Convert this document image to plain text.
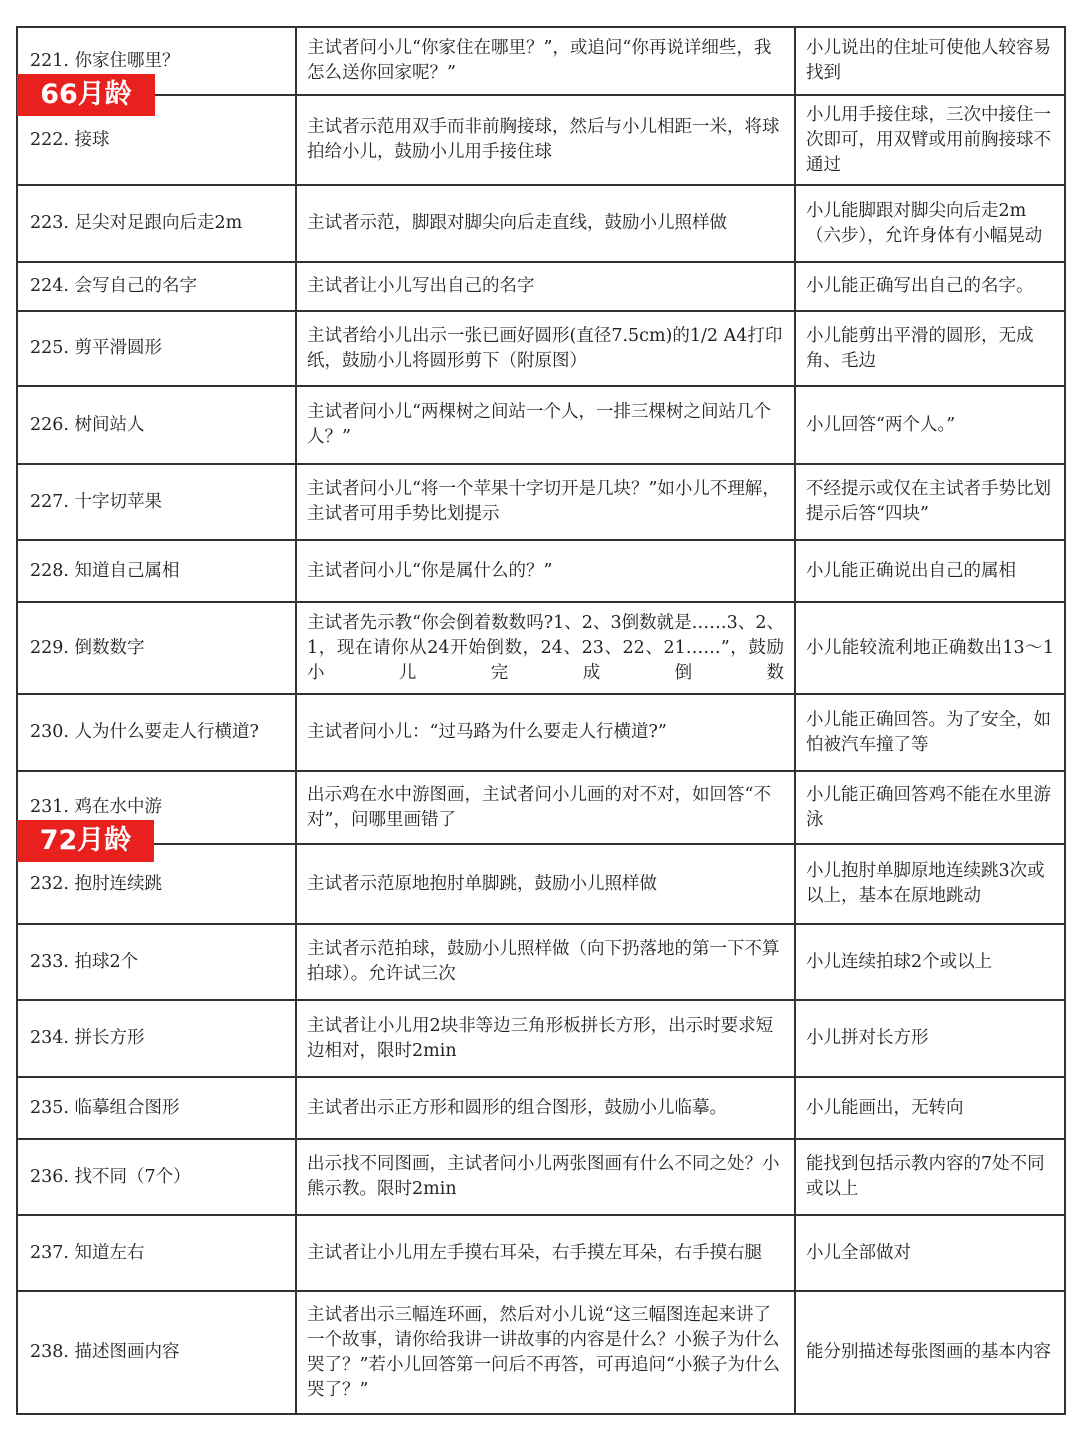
221. 你家住哪里？	主试者问小儿“你家住在哪里？”，或追问“你再说详细些，我怎么送你回家呢？”	小儿说出的住址可使他人较容易找到
222. 接球	主试者示范用双手而非前胸接球，然后与小儿相距一米，将球拍给小儿，鼓励小儿用手接住球	小儿用手接住球，三次中接住一次即可，用双臂或用前胸接球不通过
223. 足尖对足跟向后走2m	主试者示范，脚跟对脚尖向后走直线，鼓励小儿照样做	小儿能脚跟对脚尖向后走2m（六步），允许身体有小幅晃动
224. 会写自己的名字	主试者让小儿写出自己的名字	小儿能正确写出自己的名字。
225. 剪平滑圆形	主试者给小儿出示一张已画好圆形(直径7.5cm)的1/2 A4打印纸，鼓励小儿将圆形剪下（附原图）	小儿能剪出平滑的圆形，无成角、毛边
226. 树间站人	主试者问小儿“两棵树之间站一个人，一排三棵树之间站几个人？”	小儿回答“两个人。”
227. 十字切苹果	主试者问小儿“将一个苹果十字切开是几块？”如小儿不理解，主试者可用手势比划提示	不经提示或仅在主试者手势比划提示后答“四块”
228. 知道自己属相	主试者问小儿“你是属什么的？”	小儿能正确说出自己的属相
229. 倒数数字	主试者先示教“你会倒着数数吗?1、2、3倒数就是……3、2、1，现在请你从24开始倒数，24、23、22、21……”，鼓励小儿完成倒数	小儿能较流利地正确数出13～1
230. 人为什么要走人行横道?	主试者问小儿：“过马路为什么要走人行横道?”	小儿能正确回答。为了安全，如怕被汽车撞了等
231. 鸡在水中游	出示鸡在水中游图画，主试者问小儿画的对不对，如回答“不对”，问哪里画错了	小儿能正确回答鸡不能在水里游泳
232. 抱肘连续跳	主试者示范原地抱肘单脚跳，鼓励小儿照样做	小儿抱肘单脚原地连续跳3次或以上，基本在原地跳动
233. 拍球2个	主试者示范拍球，鼓励小儿照样做（向下扔落地的第一下不算拍球）。允许试三次	小儿连续拍球2个或以上
234. 拼长方形	主试者让小儿用2块非等边三角形板拼长方形，出示时要求短边相对，限时2min	小儿拼对长方形
235. 临摹组合图形	主试者出示正方形和圆形的组合图形，鼓励小儿临摹。	小儿能画出，无转向
236. 找不同（7个）	出示找不同图画，主试者问小儿两张图画有什么不同之处？小熊示教。限时2min	能找到包括示教内容的7处不同或以上
237. 知道左右	主试者让小儿用左手摸右耳朵，右手摸左耳朵，右手摸右腿	小儿全部做对
238. 描述图画内容	主试者出示三幅连环画，然后对小儿说“这三幅图连起来讲了一个故事，请你给我讲一讲故事的内容是什么？小猴子为什么哭了？”若小儿回答第一问后不再答，可再追问“小猴子为什么哭了？”	能分别描述每张图画的基本内容
66月龄
72月龄
